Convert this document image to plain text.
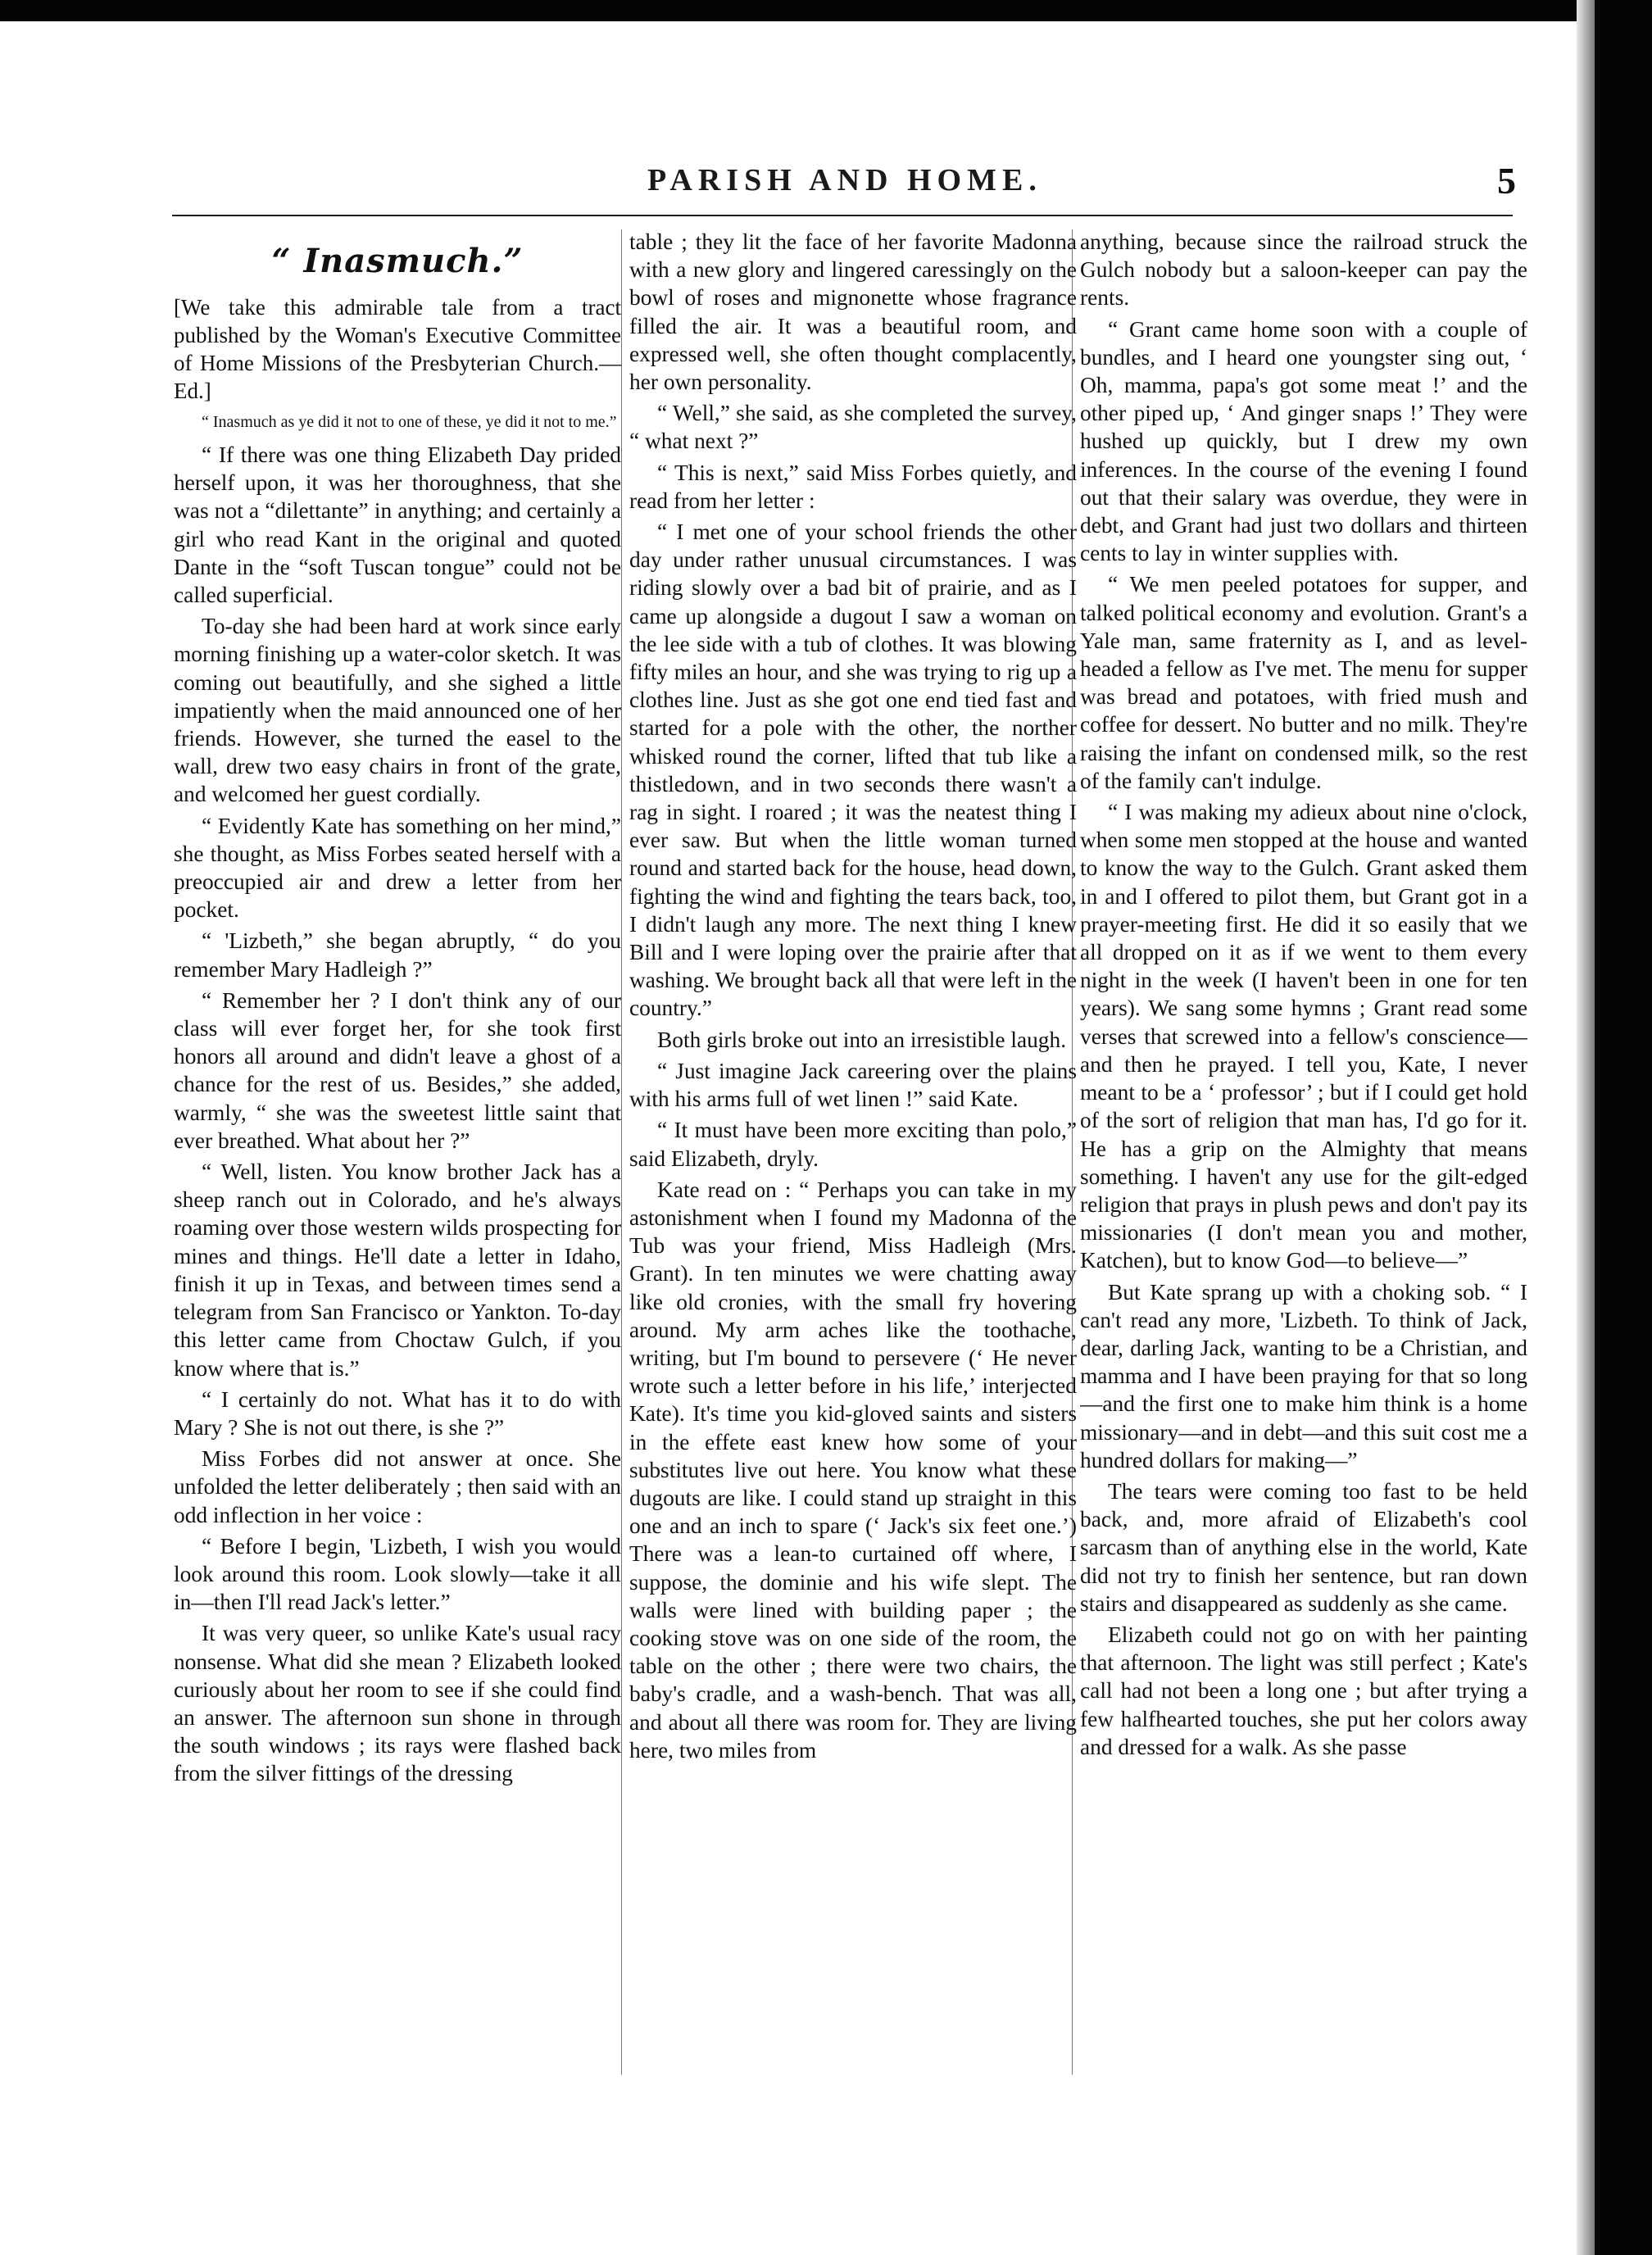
PARISH AND HOME.	5
“ Inasmuch.”

[We take this admirable tale from a tract published by the Woman's Executive Committee of Home Missions of the Presbyterian Church.—Ed.]

“ Inasmuch as ye did it not to one of these, ye did it not to me.”

“ If there was one thing Elizabeth Day prided herself upon, it was her thoroughness, that she was not a “dilettante” in anything; and certainly a girl who read Kant in the original and quoted Dante in the “soft Tuscan tongue” could not be called superficial.

To-day she had been hard at work since early morning finishing up a water-color sketch. It was coming out beautifully, and she sighed a little impatiently when the maid announced one of her friends. However, she turned the easel to the wall, drew two easy chairs in front of the grate, and welcomed her guest cordially.

“ Evidently Kate has something on her mind,” she thought, as Miss Forbes seated herself with a preoccupied air and drew a letter from her pocket.

“ 'Lizbeth,” she began abruptly, “ do you remember Mary Hadleigh ?”

“ Remember her ? I don't think any of our class will ever forget her, for she took first honors all around and didn't leave a ghost of a chance for the rest of us. Besides,” she added, warmly, “ she was the sweetest little saint that ever breathed. What about her ?”

“ Well, listen. You know brother Jack has a sheep ranch out in Colorado, and he's always roaming over those western wilds prospecting for mines and things. He'll date a letter in Idaho, finish it up in Texas, and between times send a telegram from San Francisco or Yankton. To-day this letter came from Choctaw Gulch, if you know where that is.”

“ I certainly do not. What has it to do with Mary ? She is not out there, is she ?”

Miss Forbes did not answer at once. She unfolded the letter deliberately ; then said with an odd inflection in her voice :

“ Before I begin, 'Lizbeth, I wish you would look around this room. Look slowly—take it all in—then I'll read Jack's letter.”

It was very queer, so unlike Kate's usual racy nonsense. What did she mean ? Elizabeth looked curiously about her room to see if she could find an answer. The afternoon sun shone in through the south windows ; its rays were flashed back from the silver fittings of the dressing

table ; they lit the face of her favorite Madonna with a new glory and lingered caressingly on the bowl of roses and mignonette whose fragrance filled the air. It was a beautiful room, and expressed well, she often thought complacently, her own personality.

“ Well,” she said, as she completed the survey, “ what next ?”

“ This is next,” said Miss Forbes quietly, and read from her letter :

“ I met one of your school friends the other day under rather unusual circumstances. I was riding slowly over a bad bit of prairie, and as I came up alongside a dugout I saw a woman on the lee side with a tub of clothes. It was blowing fifty miles an hour, and she was trying to rig up a clothes line. Just as she got one end tied fast and started for a pole with the other, the norther whisked round the corner, lifted that tub like a thistledown, and in two seconds there wasn't a rag in sight. I roared ; it was the neatest thing I ever saw. But when the little woman turned round and started back for the house, head down, fighting the wind and fighting the tears back, too, I didn't laugh any more. The next thing I knew Bill and I were loping over the prairie after that washing. We brought back all that were left in the country.”

Both girls broke out into an irresistible laugh.

“ Just imagine Jack careering over the plains with his arms full of wet linen !” said Kate.

“ It must have been more exciting than polo,” said Elizabeth, dryly.

Kate read on : “ Perhaps you can take in my astonishment when I found my Madonna of the Tub was your friend, Miss Hadleigh (Mrs. Grant). In ten minutes we were chatting away like old cronies, with the small fry hovering around. My arm aches like the toothache, writing, but I'm bound to persevere (‘ He never wrote such a letter before in his life,’ interjected Kate). It's time you kid-gloved saints and sisters in the effete east knew how some of your substitutes live out here. You know what these dugouts are like. I could stand up straight in this one and an inch to spare (‘ Jack's six feet one.’) There was a lean-to curtained off where, I suppose, the dominie and his wife slept. The walls were lined with building paper ; the cooking stove was on one side of the room, the table on the other ; there were two chairs, the baby's cradle, and a wash-bench. That was all, and about all there was room for. They are living here, two miles from

anything, because since the railroad struck the Gulch nobody but a saloon-keeper can pay the rents.

“ Grant came home soon with a couple of bundles, and I heard one youngster sing out, ‘ Oh, mamma, papa's got some meat !’ and the other piped up, ‘ And ginger snaps !’ They were hushed up quickly, but I drew my own inferences. In the course of the evening I found out that their salary was overdue, they were in debt, and Grant had just two dollars and thirteen cents to lay in winter supplies with.

“ We men peeled potatoes for supper, and talked political economy and evolution. Grant's a Yale man, same fraternity as I, and as level-headed a fellow as I've met. The menu for supper was bread and potatoes, with fried mush and coffee for dessert. No butter and no milk. They're raising the infant on condensed milk, so the rest of the family can't indulge.

“ I was making my adieux about nine o'clock, when some men stopped at the house and wanted to know the way to the Gulch. Grant asked them in and I offered to pilot them, but Grant got in a prayer-meeting first. He did it so easily that we all dropped on it as if we went to them every night in the week (I haven't been in one for ten years). We sang some hymns ; Grant read some verses that screwed into a fellow's conscience—and then he prayed. I tell you, Kate, I never meant to be a ‘ professor’ ; but if I could get hold of the sort of religion that man has, I'd go for it. He has a grip on the Almighty that means something. I haven't any use for the gilt-edged religion that prays in plush pews and don't pay its missionaries (I don't mean you and mother, Katchen), but to know God—to believe—”

But Kate sprang up with a choking sob. “ I can't read any more, 'Lizbeth. To think of Jack, dear, darling Jack, wanting to be a Christian, and mamma and I have been praying for that so long—and the first one to make him think is a home missionary—and in debt—and this suit cost me a hundred dollars for making—”

The tears were coming too fast to be held back, and, more afraid of Elizabeth's cool sarcasm than of anything else in the world, Kate did not try to finish her sentence, but ran down stairs and disappeared as suddenly as she came.

Elizabeth could not go on with her painting that afternoon. The light was still perfect ; Kate's call had not been a long one ; but after trying a few halfhearted touches, she put her colors away and dressed for a walk. As she passe
